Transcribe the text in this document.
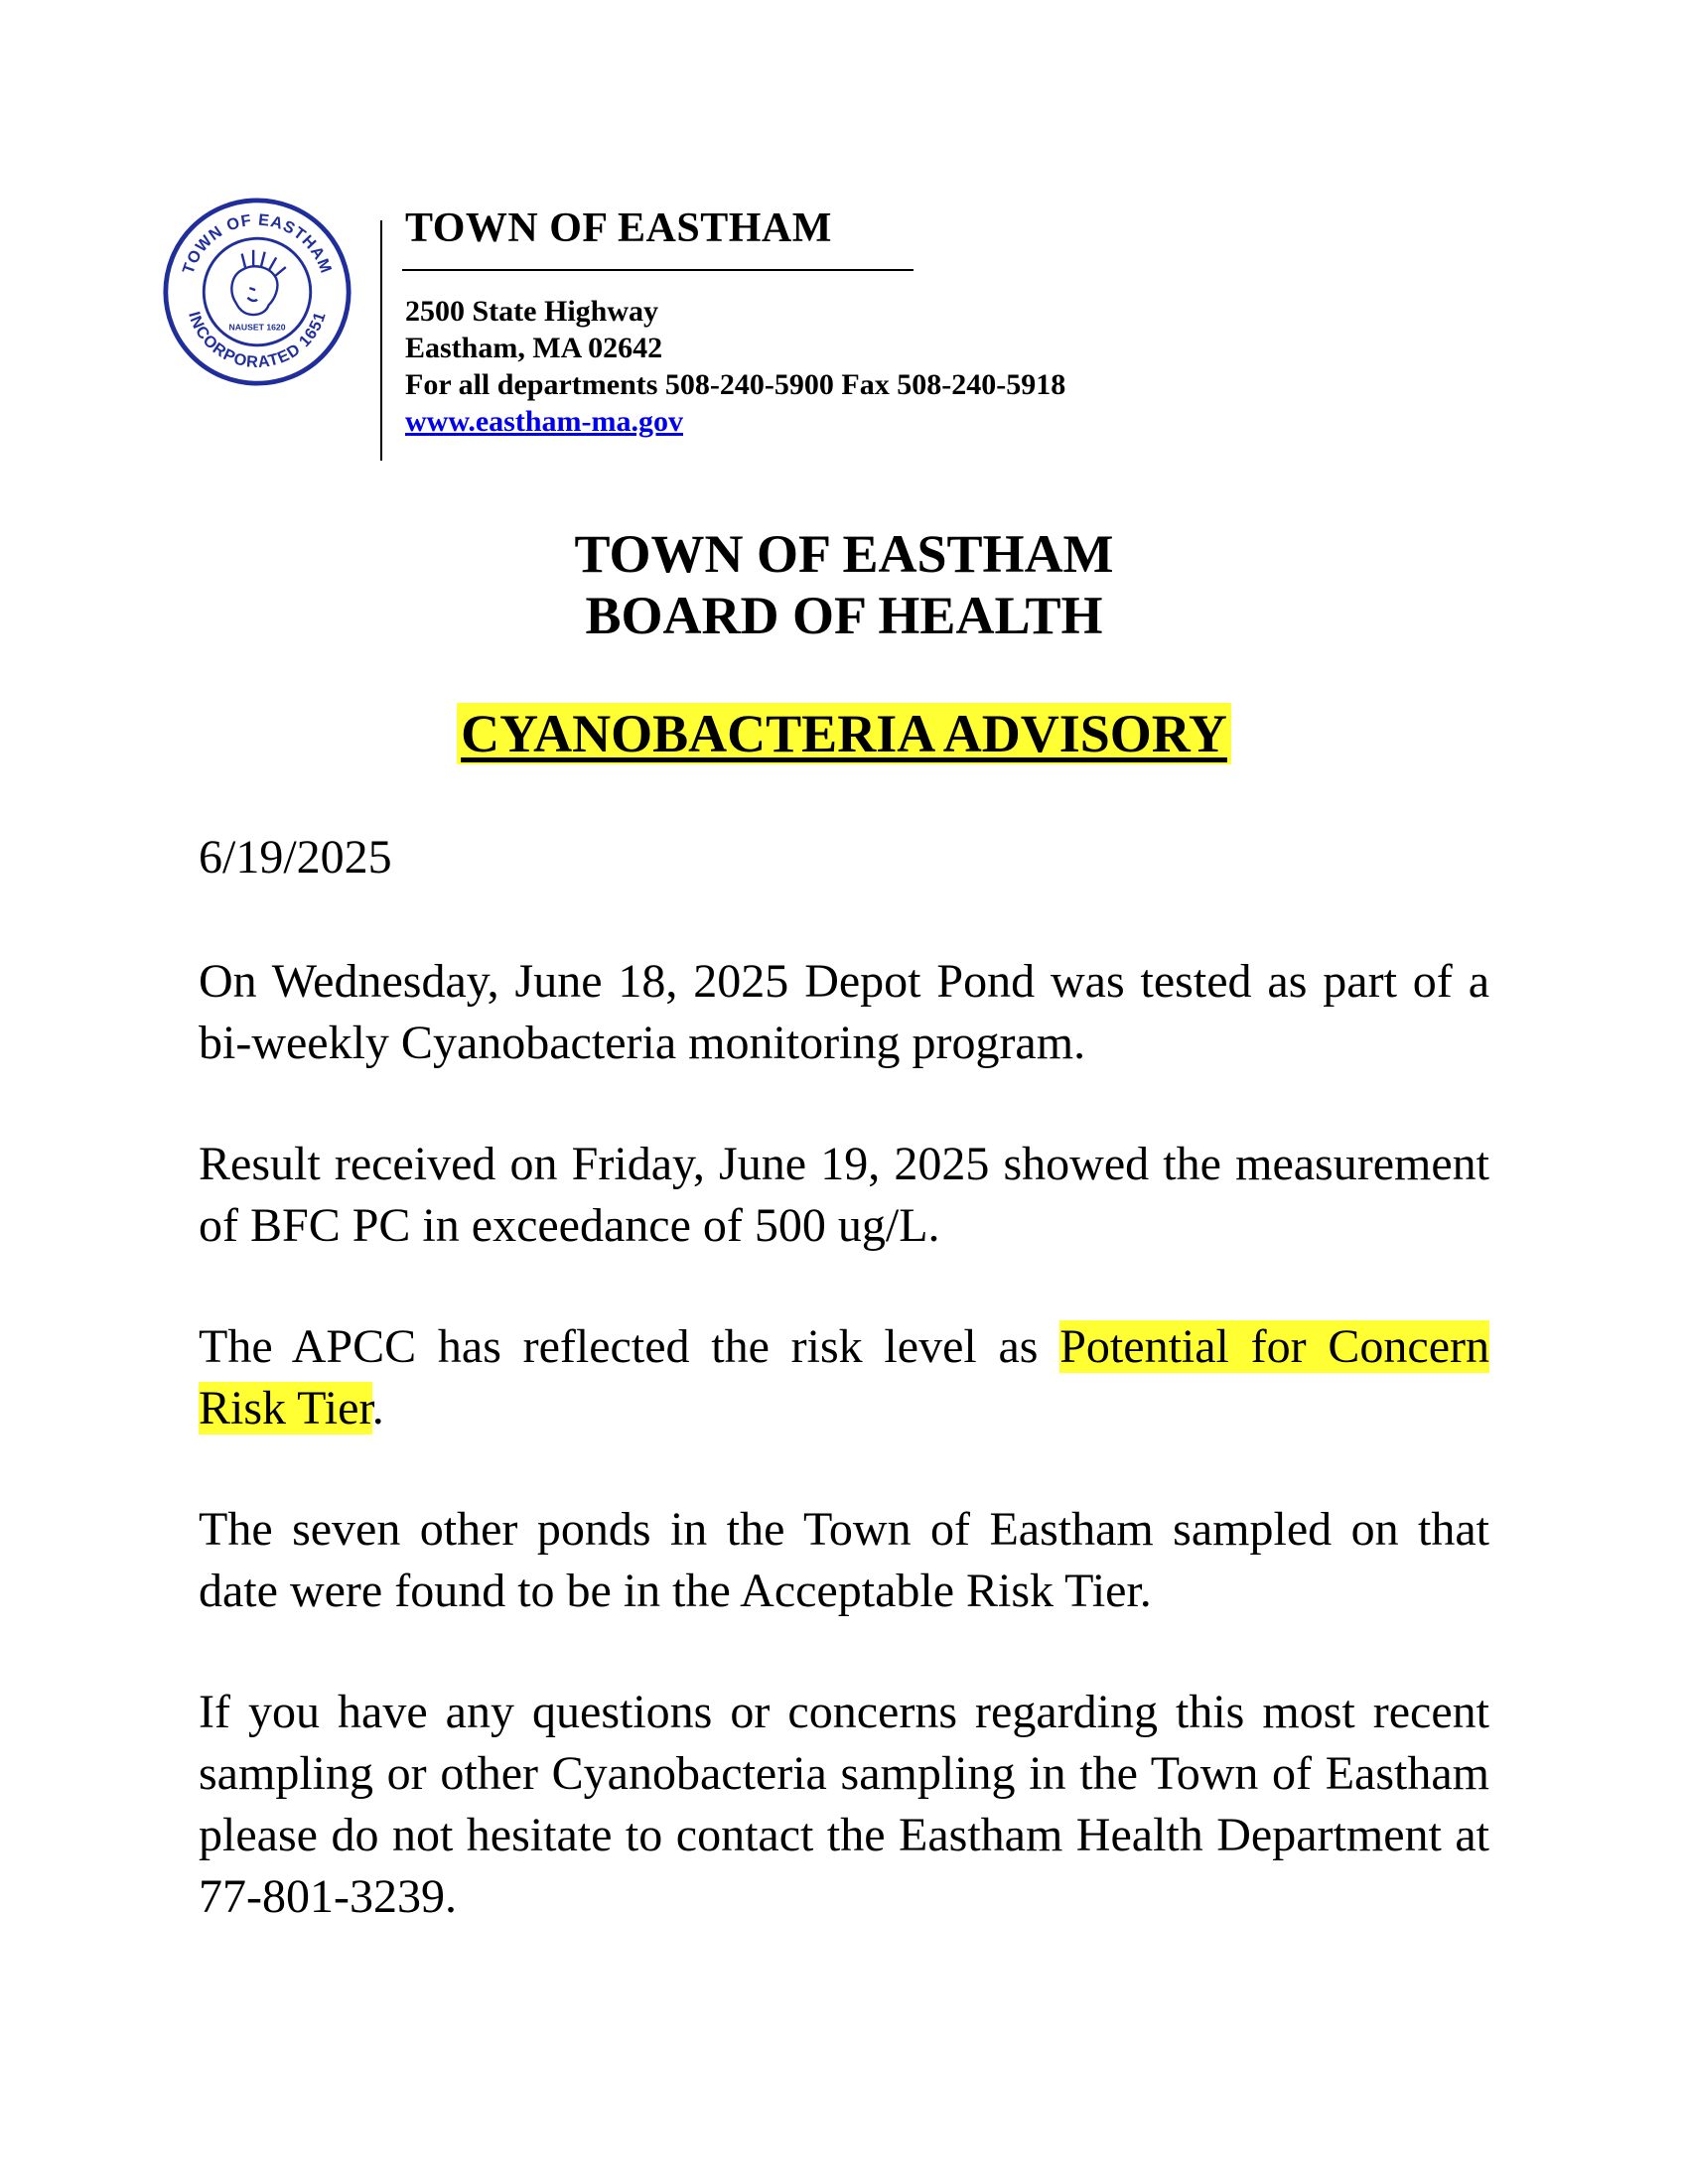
TOWN OF EASTHAM
INCORPORATED 1651
NAUSET 1620
TOWN OF EASTHAM
2500 State Highway
Eastham, MA 02642
For all departments 508-240-5900 Fax 508-240-5918
www.eastham-ma.gov
TOWN OF EASTHAM
BOARD OF HEALTH
CYANOBACTERIA ADVISORY
6/19/2025
On Wednesday, June 18, 2025 Depot Pond was tested as part of a bi-weekly Cyanobacteria monitoring program.
Result received on Friday, June 19, 2025 showed the measurement of BFC PC in exceedance of 500 ug/L.
The APCC has reflected the risk level as Potential for Concern Risk Tier.
The seven other ponds in the Town of Eastham sampled on that date were found to be in the Acceptable Risk Tier.
If you have any questions or concerns regarding this most recent sampling or other Cyanobacteria sampling in the Town of Eastham please do not hesitate to contact the Eastham Health Department at 77-801-3239.
